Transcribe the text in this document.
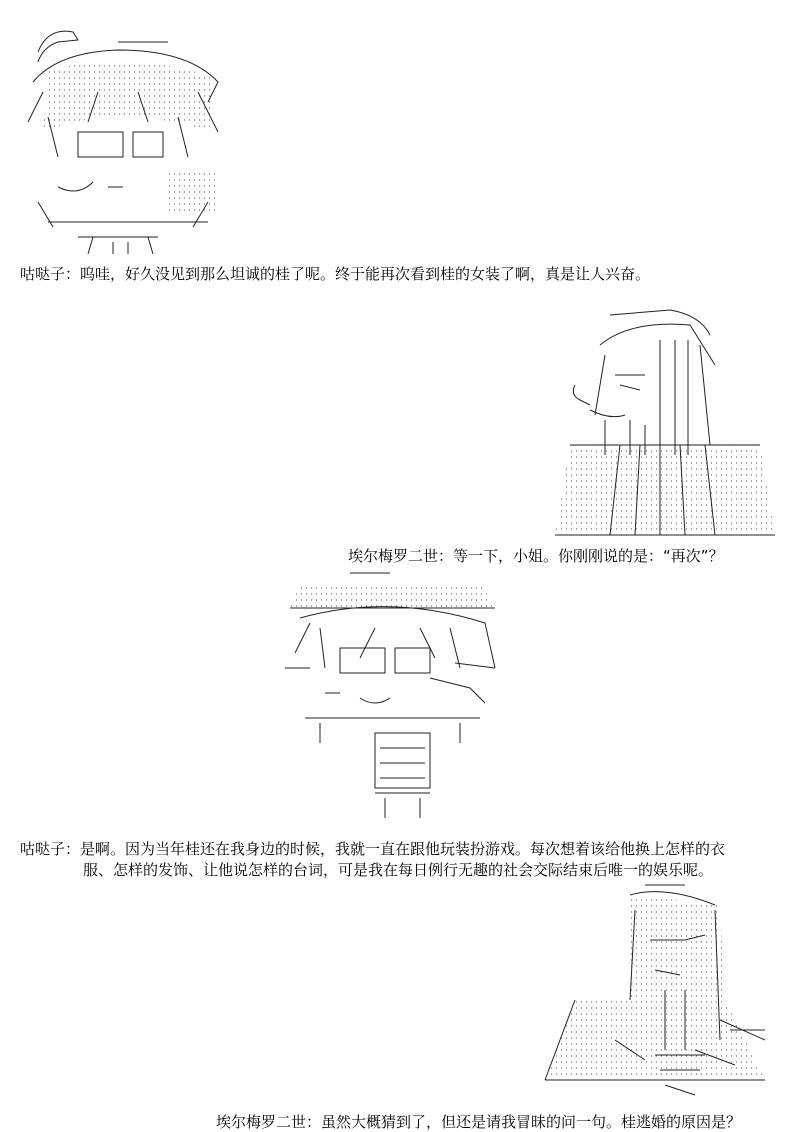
咕哒子：呜哇，好久没见到那么坦诚的桂了呢。终于能再次看到桂的女装了啊，真是让人兴奋。
埃尔梅罗二世：等一下，小姐。你刚刚说的是：“再次”？
咕哒子：是啊。因为当年桂还在我身边的时候，我就一直在跟他玩装扮游戏。每次想着该给他换上怎样的衣
服、怎样的发饰、让他说怎样的台词，可是我在每日例行无趣的社会交际结束后唯一的娱乐呢。
埃尔梅罗二世：虽然大概猜到了，但还是请我冒昧的问一句。桂逃婚的原因是？
